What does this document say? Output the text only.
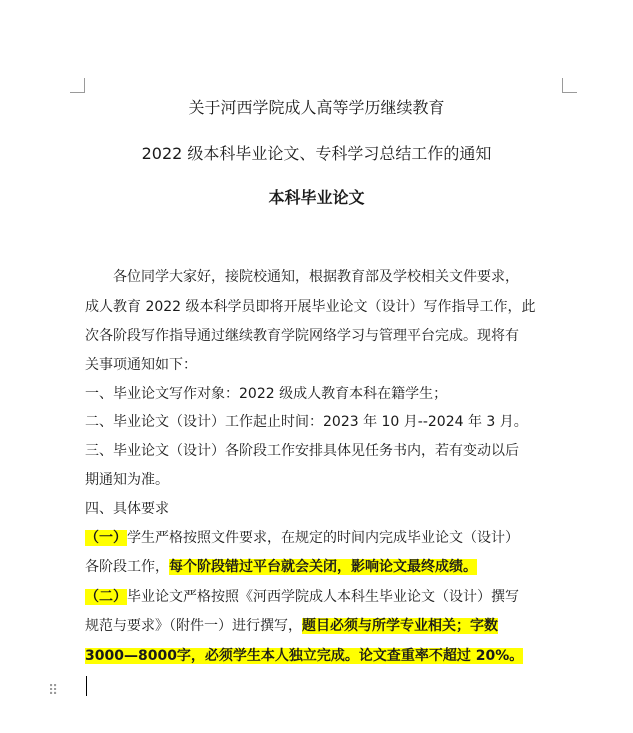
关于河西学院成人高等学历继续教育
2022 级本科毕业论文、专科学习总结工作的通知
本科毕业论文
各位同学大家好，接院校通知，根据教育部及学校相关文件要求，
成人教育 2022 级本科学员即将开展毕业论文（设计）写作指导工作，此
次各阶段写作指导通过继续教育学院网络学习与管理平台完成。现将有
关事项通知如下：
一、毕业论文写作对象：2022 级成人教育本科在籍学生；
二、毕业论文（设计）工作起止时间：2023 年 10 月--2024 年 3 月。
三、毕业论文（设计）各阶段工作安排具体见任务书内，若有变动以后
期通知为准。
四、具体要求
（一）学生严格按照文件要求，在规定的时间内完成毕业论文（设计）
各阶段工作，每个阶段错过平台就会关闭，影响论文最终成绩。
（二）毕业论文严格按照《河西学院成人本科生毕业论文（设计）撰写
规范与要求》（附件一）进行撰写，题目必须与所学专业相关；字数
3000—8000字，必须学生本人独立完成。论文查重率不超过 20%。
⠿
